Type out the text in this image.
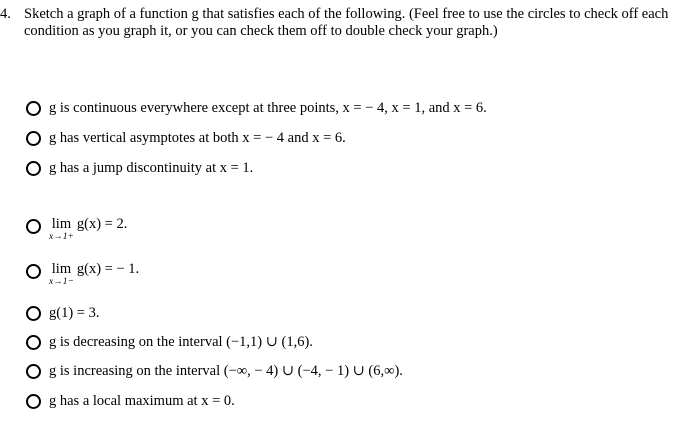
4. Sketch a graph of a function g that satisfies each of the following. (Feel free to use the circles to check off each condition as you graph it, or you can check them off to double check your graph.)
g is continuous everywhere except at three points, x = − 4, x = 1, and x = 6.
g has vertical asymptotes at both x = − 4 and x = 6.
g has a jump discontinuity at x = 1.
lim
x→1+
g(x) = 2.
lim
x→1−
g(x) = − 1.
g(1) = 3.
g is decreasing on the interval (−1,1) ∪ (1,6).
g is increasing on the interval (−∞, − 4) ∪ (−4, − 1) ∪ (6,∞).
g has a local maximum at x = 0.
